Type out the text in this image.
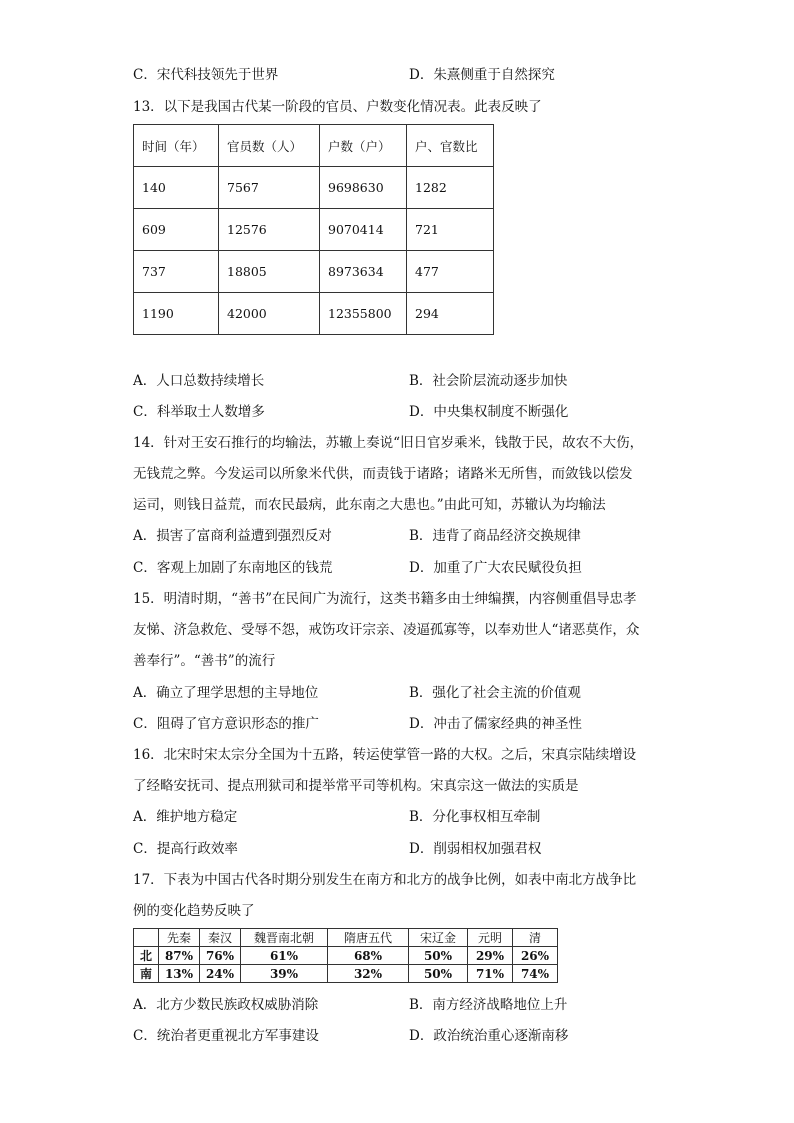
C．宋代科技领先于世界	D．朱熹侧重于自然探究
13．以下是我国古代某一阶段的官员、户数变化情况表。此表反映了
时间（年）	官员数（人）	户数（户）	户、官数比
140	7567	9698630	1282
609	12576	9070414	721
737	18805	8973634	477
1190	42000	12355800	294
A．人口总数持续增长	B．社会阶层流动逐步加快
C．科举取士人数增多	D．中央集权制度不断强化
14．针对王安石推行的均输法，苏辙上奏说“旧日官岁乘米，钱散于民，故农不大伤，
无钱荒之弊。今发运司以所象米代供，而责钱于诸路；诸路米无所售，而敛钱以偿发
运司，则钱日益荒，而农民最病，此东南之大患也。”由此可知，苏辙认为均输法
A．损害了富商利益遭到强烈反对	B．违背了商品经济交换规律
C．客观上加剧了东南地区的钱荒	D．加重了广大农民赋役负担
15．明清时期，“善书”在民间广为流行，这类书籍多由士绅编撰，内容侧重倡导忠孝
友悌、济急救危、受辱不怨，戒饬攻讦宗亲、凌逼孤寡等，以奉劝世人“诸恶莫作，众
善奉行”。“善书”的流行
A．确立了理学思想的主导地位	B．强化了社会主流的价值观
C．阻碍了官方意识形态的推广	D．冲击了儒家经典的神圣性
16．北宋时宋太宗分全国为十五路，转运使掌管一路的大权。之后，宋真宗陆续增设
了经略安抚司、提点刑狱司和提举常平司等机构。宋真宗这一做法的实质是
A．维护地方稳定	B．分化事权相互牵制
C．提高行政效率	D．削弱相权加强君权
17．下表为中国古代各时期分别发生在南方和北方的战争比例，如表中南北方战争比
例的变化趋势反映了
	先秦	秦汉	魏晋南北朝	隋唐五代	宋辽金	元明	清
北	87%	76%	61%	68%	50%	29%	26%
南	13%	24%	39%	32%	50%	71%	74%
A．北方少数民族政权威胁消除	B．南方经济战略地位上升
C．统治者更重视北方军事建设	D．政治统治重心逐渐南移
